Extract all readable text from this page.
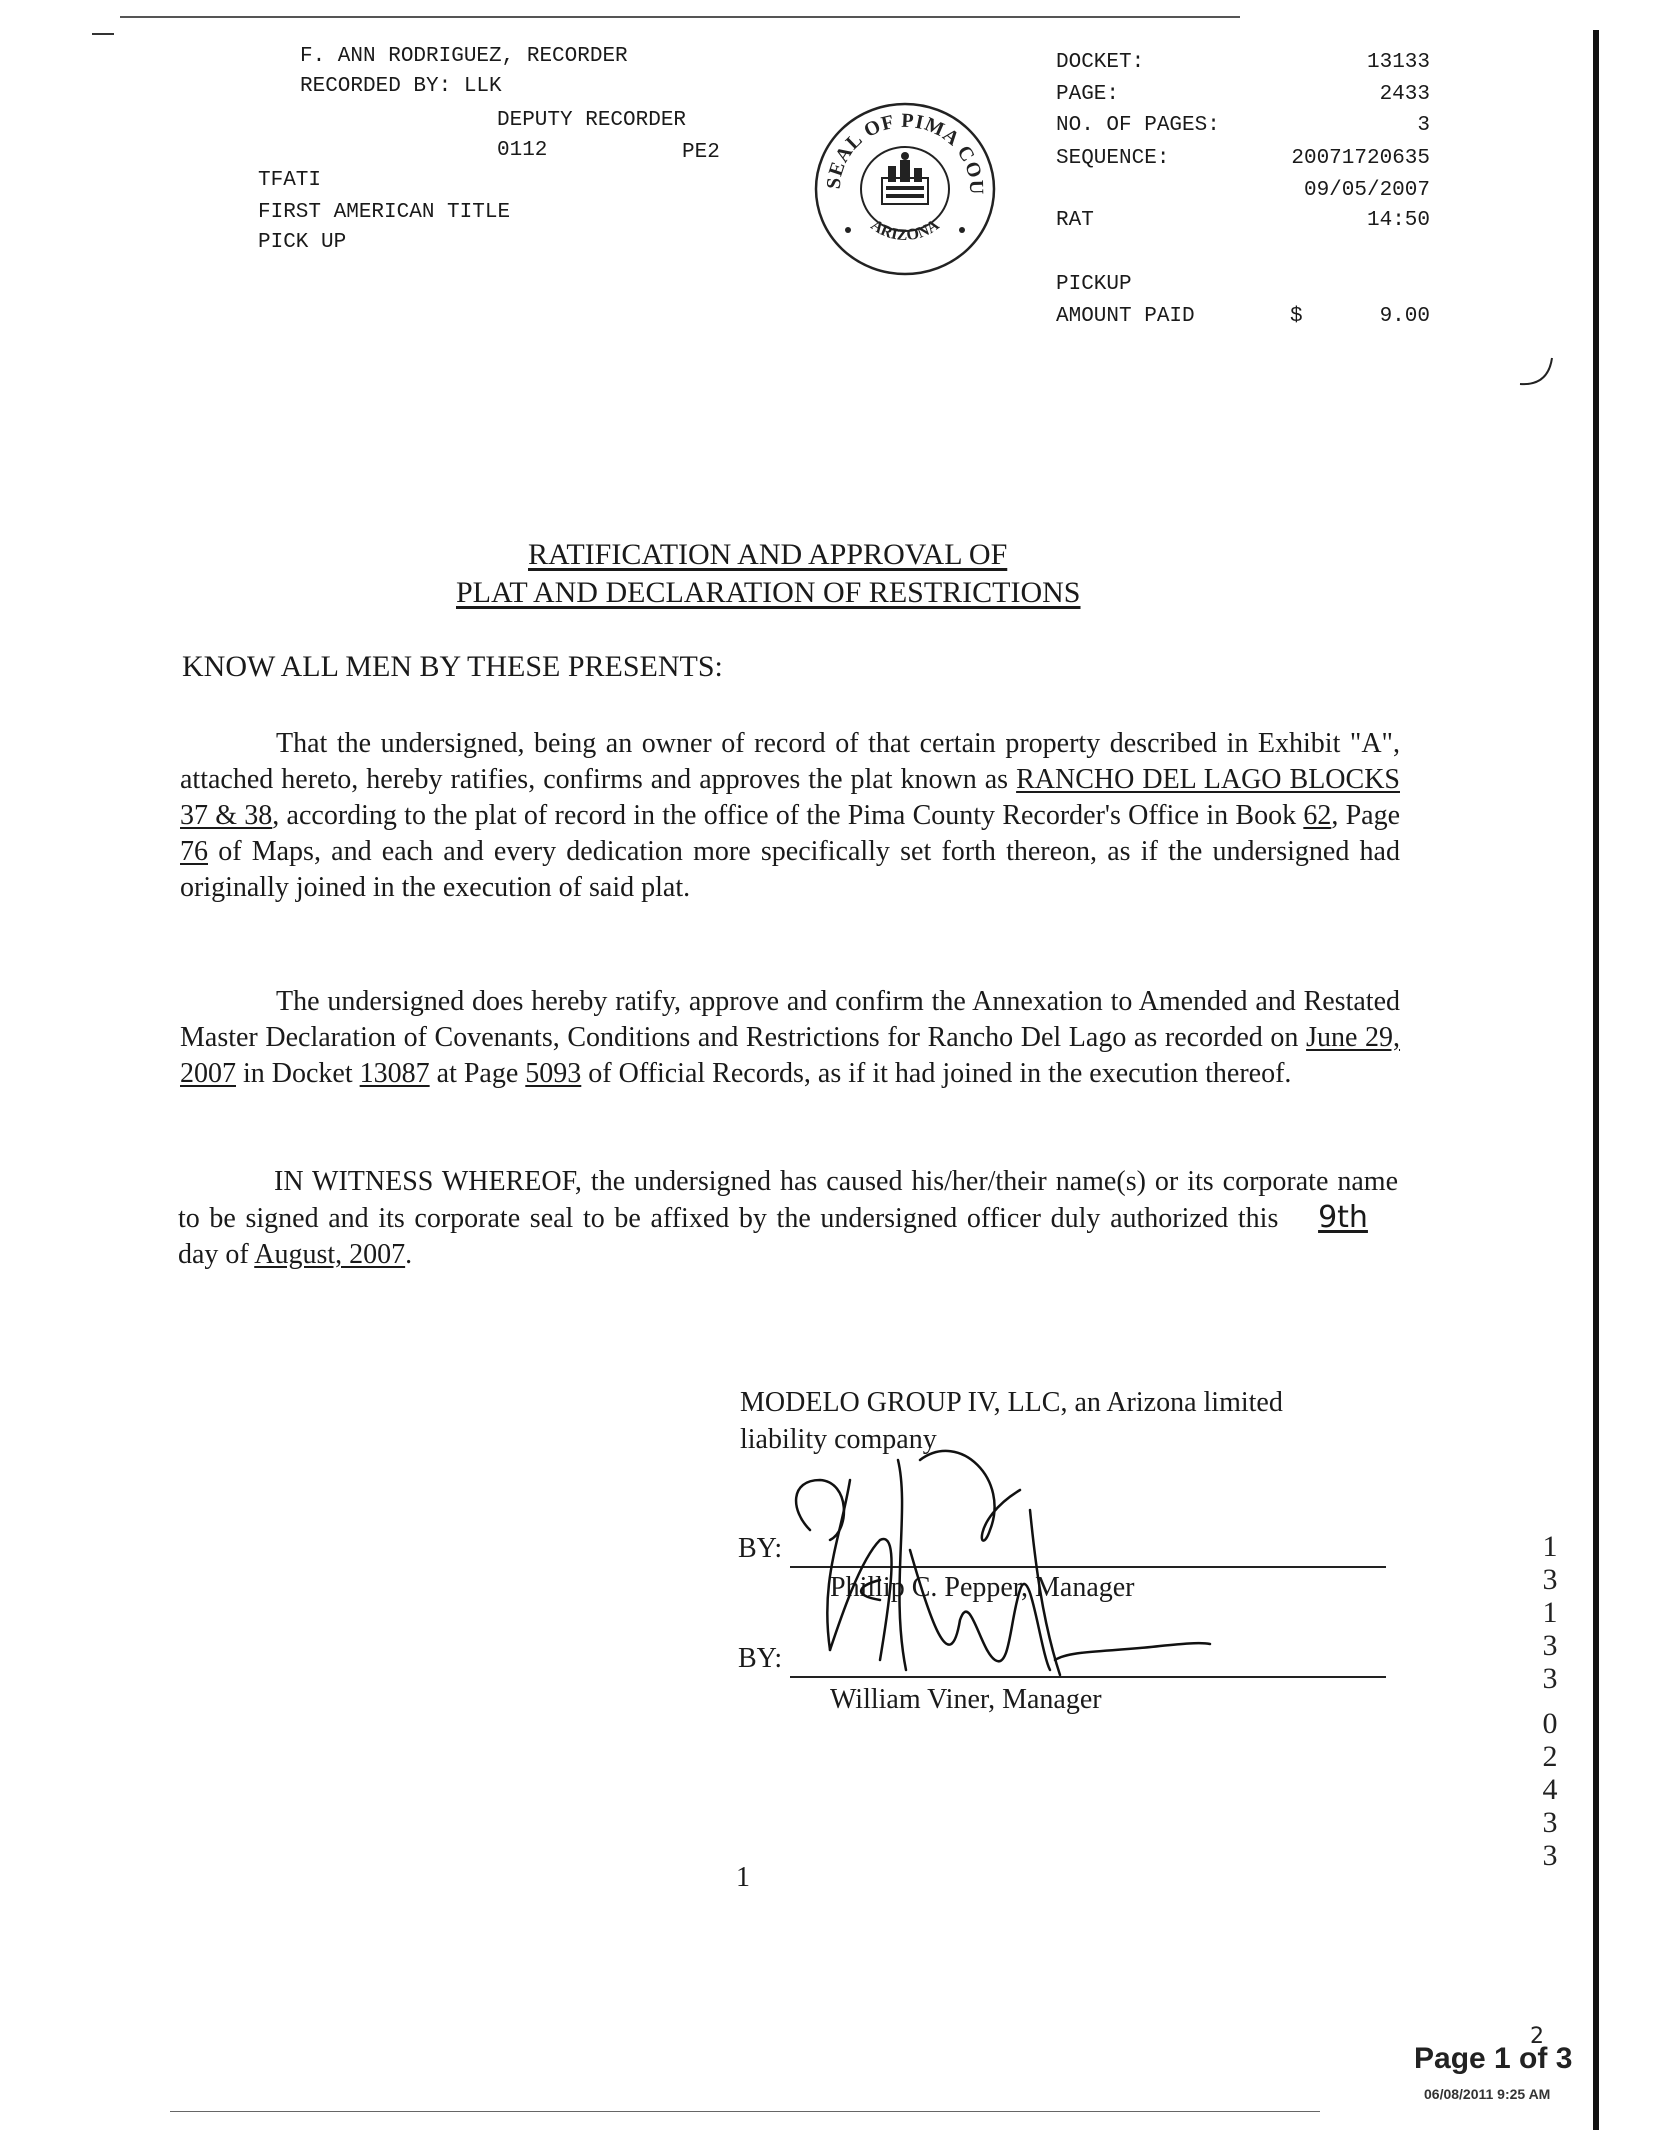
F. ANN RODRIGUEZ, RECORDER
RECORDED BY: LLK
DEPUTY RECORDER
0112	PE2
TFATI
FIRST AMERICAN TITLE
PICK UP
SEAL OF PIMA COU
ARIZONA
DOCKET:	13133
PAGE:	2433
NO. OF PAGES:	3
SEQUENCE:	20071720635
09/05/2007
RAT	14:50
PICKUP
AMOUNT PAID	$	9.00
RATIFICATION AND APPROVAL OF
PLAT AND DECLARATION OF RESTRICTIONS
KNOW ALL MEN BY THESE PRESENTS:
That the undersigned, being an owner of record of that certain property described in Exhibit "A", attached hereto, hereby ratifies, confirms and approves the plat known as RANCHO DEL LAGO BLOCKS 37 & 38, according to the plat of record in the office of the Pima County Recorder's Office in Book 62, Page 76 of Maps, and each and every dedication more specifically set forth thereon, as if the undersigned had originally joined in the execution of said plat.
The undersigned does hereby ratify, approve and confirm the Annexation to Amended and Restated Master Declaration of Covenants, Conditions and Restrictions for Rancho Del Lago as recorded on June 29, 2007 in Docket 13087 at Page 5093 of Official Records, as if it had joined in the execution thereof.
IN WITNESS WHEREOF, the undersigned has caused his/her/their name(s) or its corporate name to be signed and its corporate seal to be affixed by the undersigned officer duly authorized this 9th day of August, 2007.
MODELO GROUP IV, LLC, an Arizona limited
liability company
BY:
Phillip C. Pepper, Manager
BY:
William Viner, Manager
1
1
3
1
3
3
0
2
4
3
3
Page 1 of 3
2
06/08/2011 9:25 AM
